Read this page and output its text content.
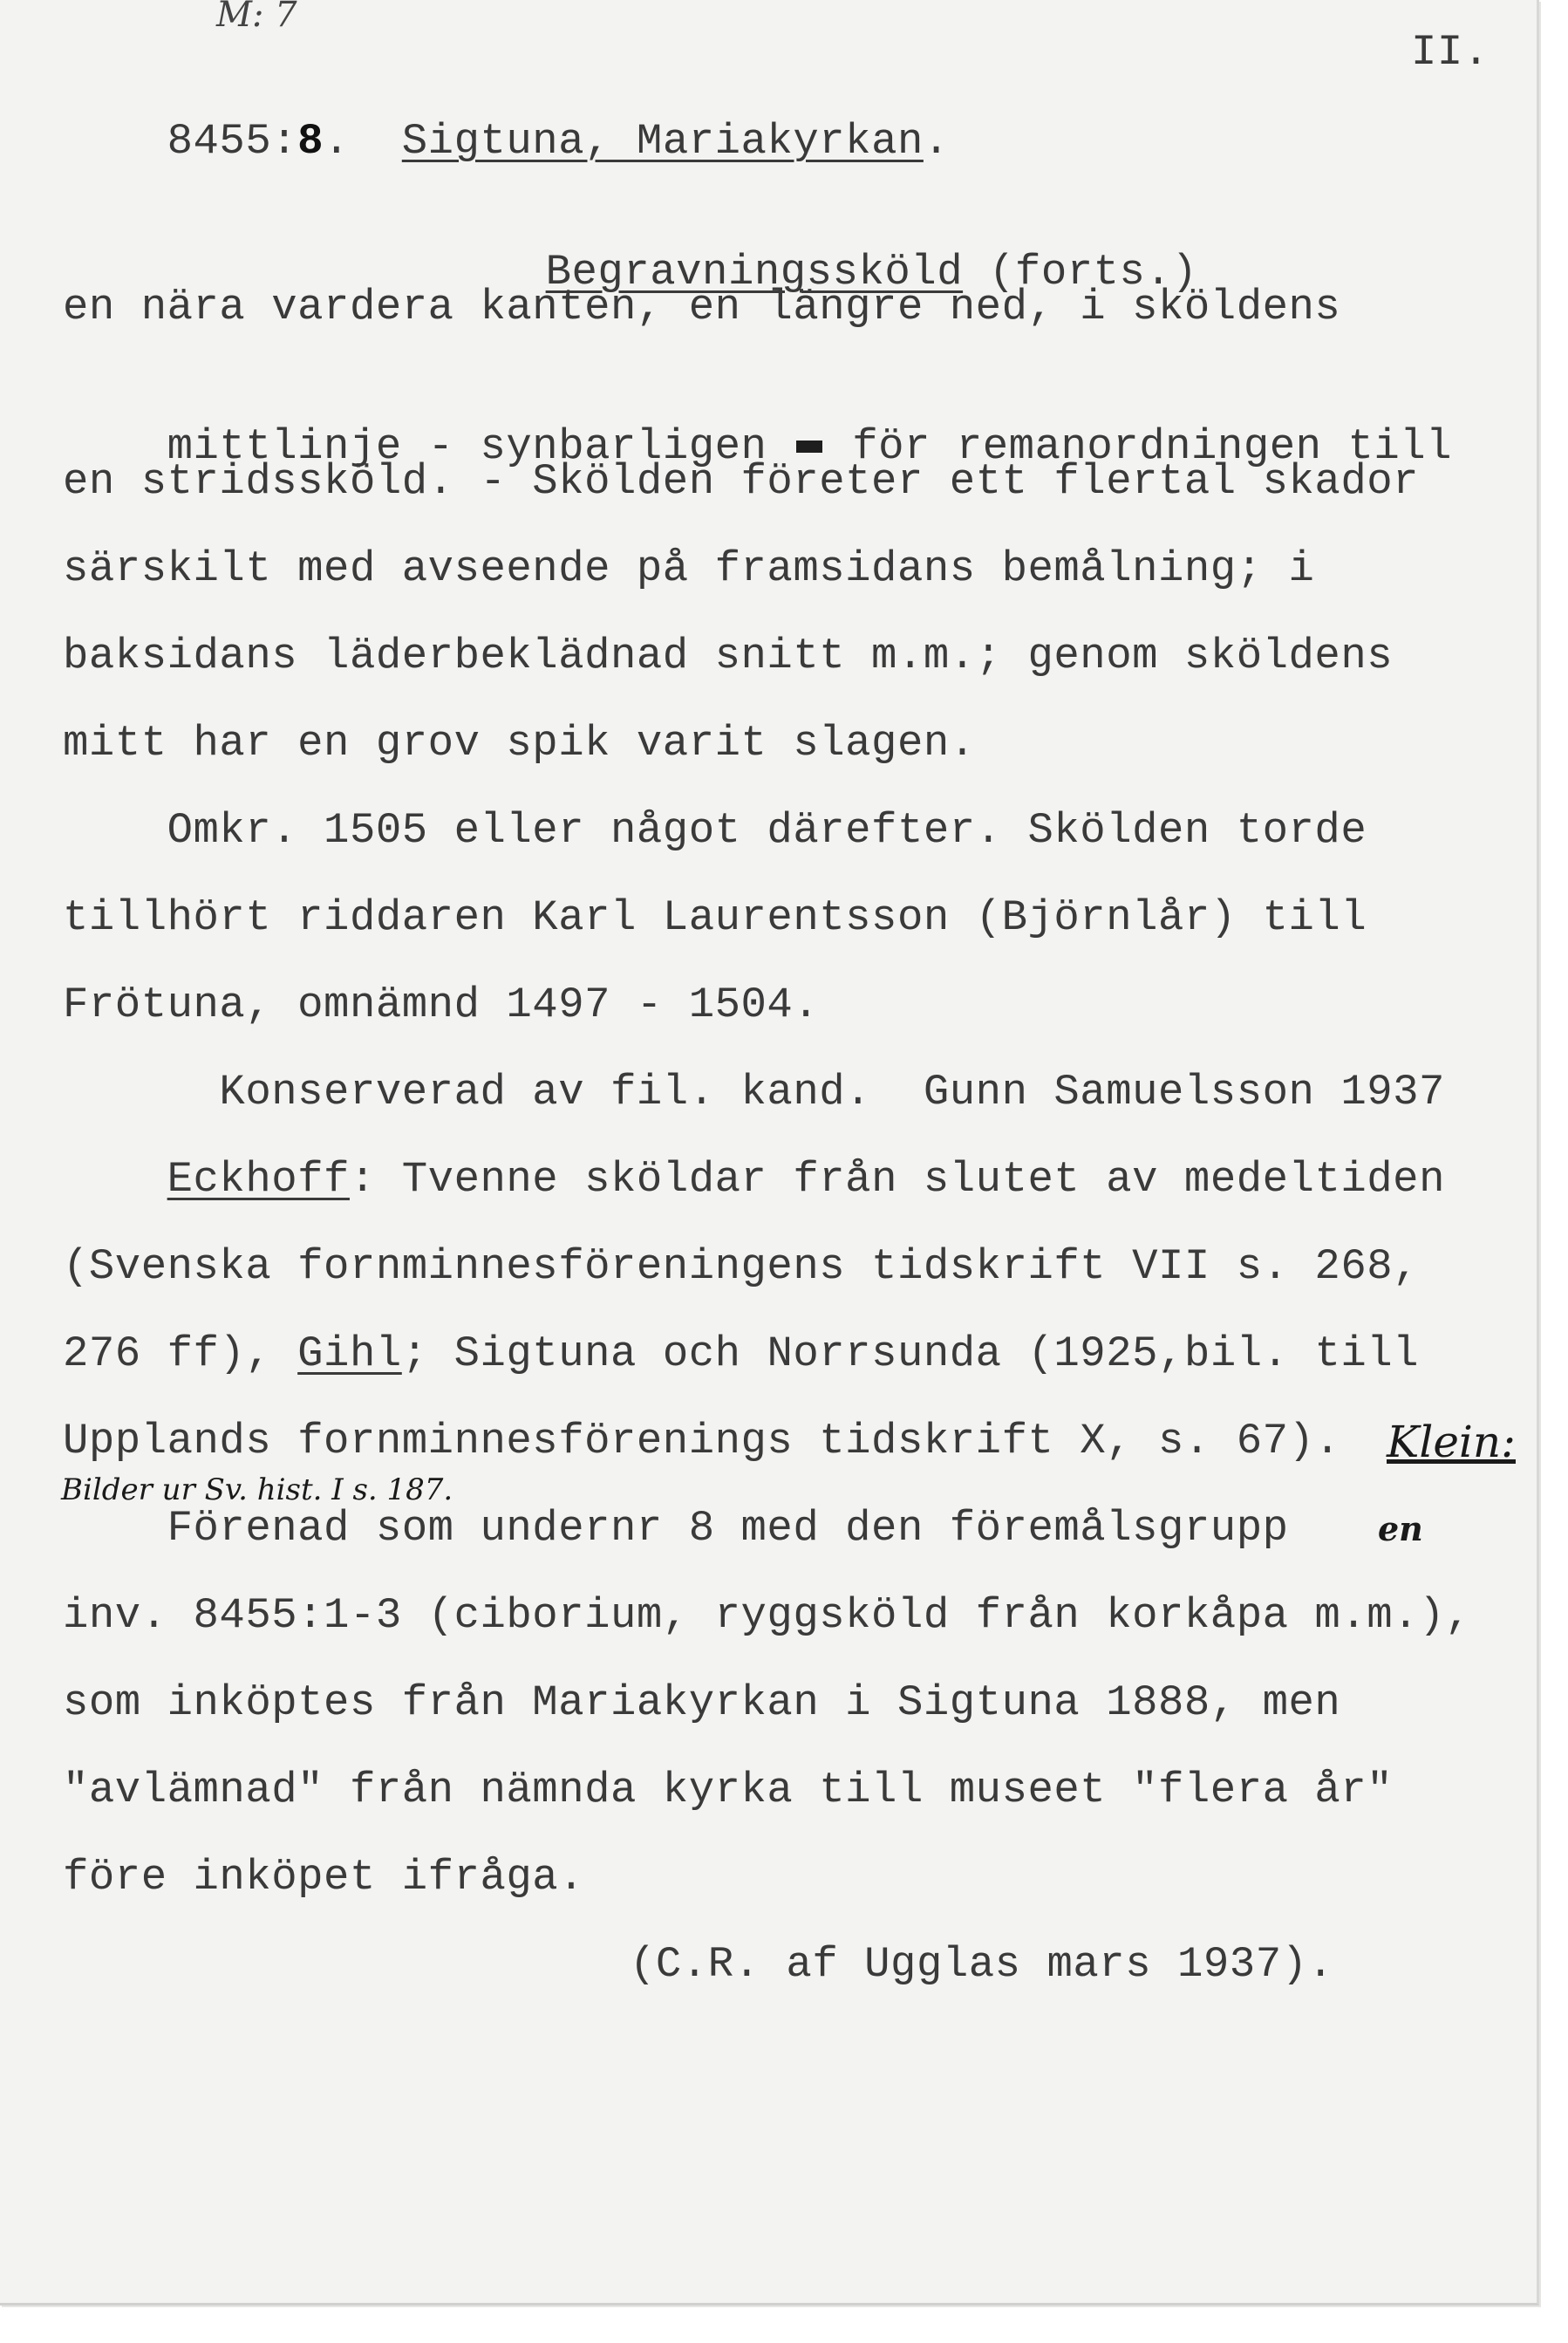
M: 7
II.

8455:8. Sigtuna, Mariakyrkan.

Begravningssköld (forts.)

en nära vardera kanten, en längre ned, i sköldens

mittlinje - synbarligen för remanordningen till

en stridssköld. - Skölden företer ett flertal skador
särskilt med avseende på framsidans bemålning; i
baksidans läderbeklädnad snitt m.m.; genom sköldens
mitt har en grov spik varit slagen.
Omkr. 1505 eller något därefter. Skölden torde
tillhört riddaren Karl Laurentsson (Björnlår) till
Frötuna, omnämnd 1497 - 1504.
Konserverad av fil. kand.  Gunn Samuelsson 1937
Eckhoff: Tvenne sköldar från slutet av medeltiden
(Svenska fornminnesföreningens tidskrift VII s. 268,
276 ff), Gihl; Sigtuna och Norrsunda (1925,bil. till
Upplands fornminnesförenings tidskrift X, s. 67). Klein:
Bilder ur Sv. hist. I s. 187.
Förenad som undernr 8 med den föremålsgrupp	en
inv. 8455:1-3 (ciborium, ryggsköld från korkåpa m.m.),
som inköptes från Mariakyrkan i Sigtuna 1888, men
"avlämnad" från nämnda kyrka till museet "flera år"
före inköpet ifråga.
(C.R. af Ugglas mars 1937).
